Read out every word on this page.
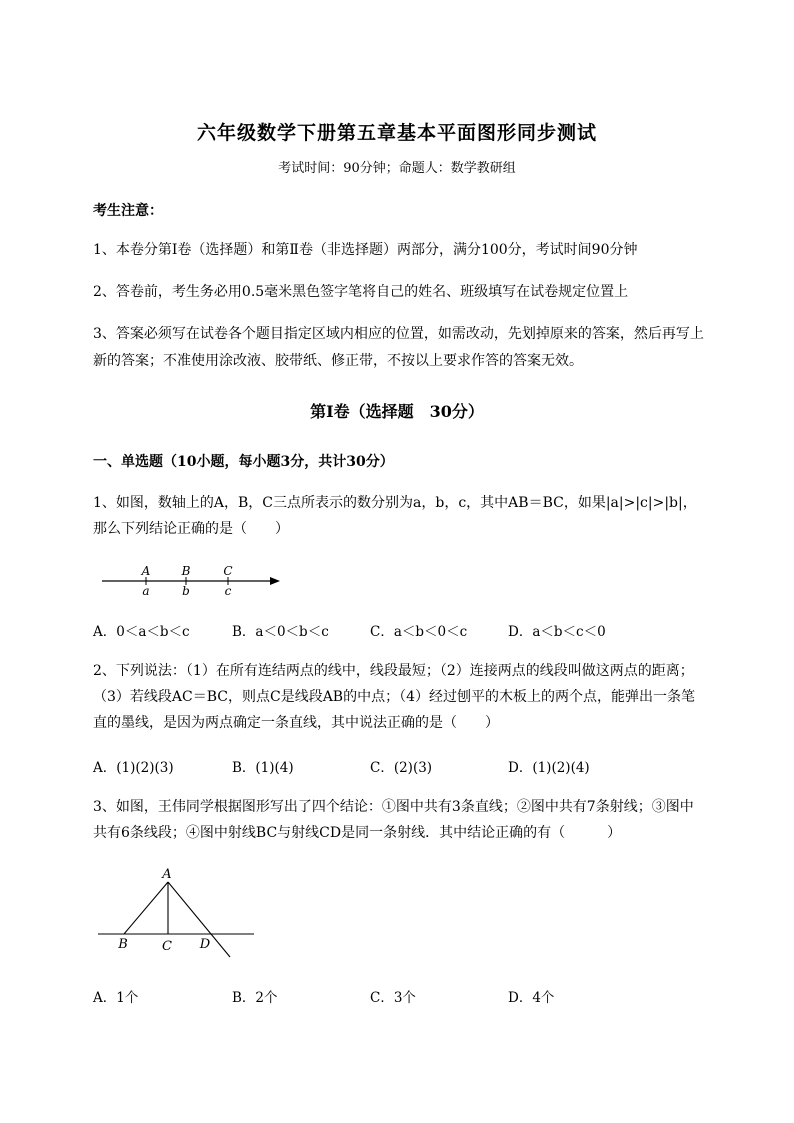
六年级数学下册第五章基本平面图形同步测试
考试时间：90分钟；命题人：数学教研组
考生注意：
1、本卷分第Ⅰ卷（选择题）和第Ⅱ卷（非选择题）两部分，满分100分，考试时间90分钟
2、答卷前，考生务必用0.5毫米黑色签字笔将自己的姓名、班级填写在试卷规定位置上
3、答案必须写在试卷各个题目指定区域内相应的位置，如需改动，先划掉原来的答案，然后再写上新的答案；不准使用涂改液、胶带纸、修正带，不按以上要求作答的答案无效。
第Ⅰ卷（选择题　30分）
一、单选题（10小题，每小题3分，共计30分）
1、如图，数轴上的A，B，C三点所表示的数分别为a，b，c，其中AB＝BC，如果|a|>|c|>|b|，
那么下列结论正确的是（　　）
A	B	C
a	b	c
A．0＜a＜b＜c	B．a＜0＜b＜c	C．a＜b＜0＜c	D．a＜b＜c＜0
2、下列说法：（1）在所有连结两点的线中，线段最短；（2）连接两点的线段叫做这两点的距离；
（3）若线段AC＝BC，则点C是线段AB的中点；（4）经过刨平的木板上的两个点，能弹出一条笔
直的墨线，是因为两点确定一条直线，其中说法正确的是（　　）
A．(1)(2)(3)	B．(1)(4)	C．(2)(3)	D．(1)(2)(4)
3、如图，王伟同学根据图形写出了四个结论：①图中共有3条直线；②图中共有7条射线；③图中
共有6条线段；④图中射线BC与射线CD是同一条射线．其中结论正确的有（　　　）
A
B	C D
A．1个	B．2个	C．3个	D．4个
